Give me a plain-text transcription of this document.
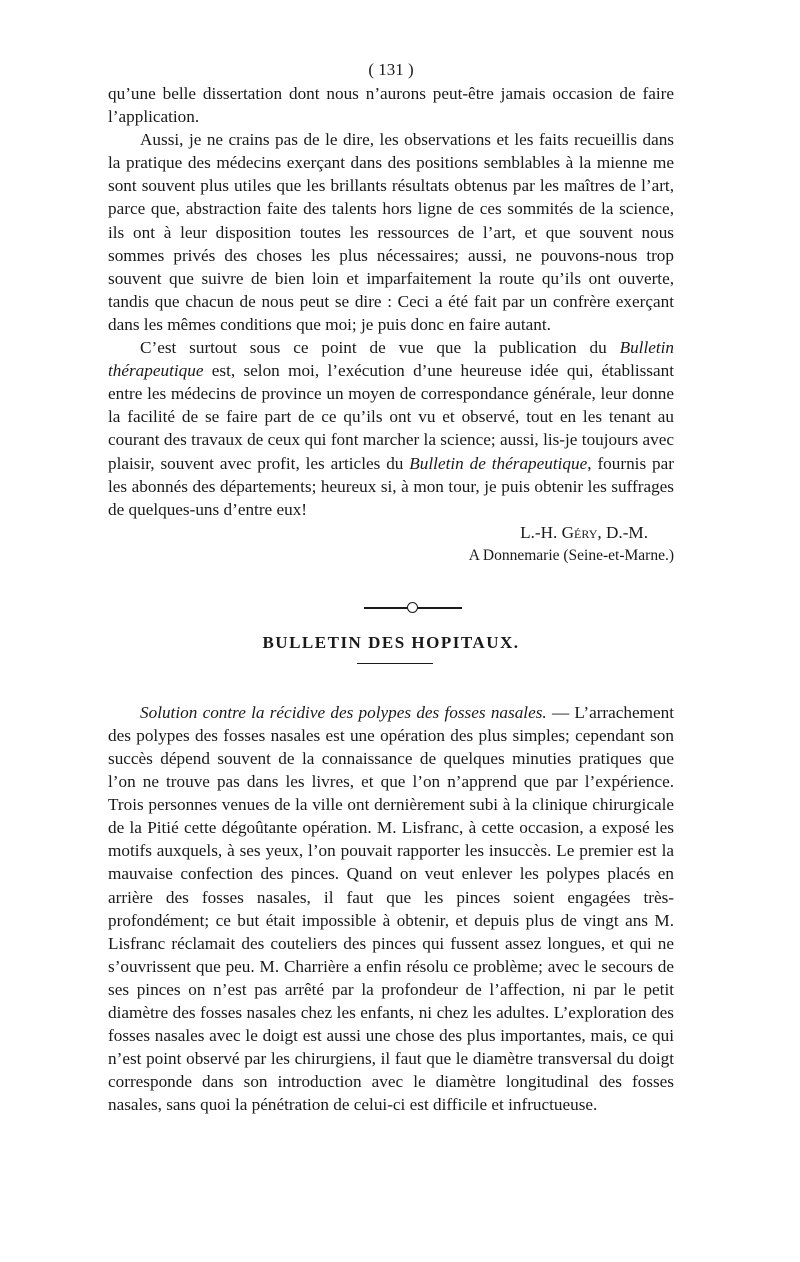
( 131 )

qu’une belle dissertation dont nous n’aurons peut-être jamais occasion de faire l’application.

Aussi, je ne crains pas de le dire, les observations et les faits recueillis dans la pratique des médecins exerçant dans des positions semblables à la mienne me sont souvent plus utiles que les brillants résultats obtenus par les maîtres de l’art, parce que, abstraction faite des talents hors ligne de ces sommités de la science, ils ont à leur disposition toutes les ressources de l’art, et que souvent nous sommes privés des choses les plus nécessaires; aussi, ne pouvons-nous trop souvent que suivre de bien loin et imparfaitement la route qu’ils ont ouverte, tandis que chacun de nous peut se dire : Ceci a été fait par un confrère exerçant dans les mêmes conditions que moi; je puis donc en faire autant.

C’est surtout sous ce point de vue que la publication du Bulletin thérapeutique est, selon moi, l’exécution d’une heureuse idée qui, établissant entre les médecins de province un moyen de correspondance générale, leur donne la facilité de se faire part de ce qu’ils ont vu et observé, tout en les tenant au courant des travaux de ceux qui font marcher la science; aussi, lis-je toujours avec plaisir, souvent avec profit, les articles du Bulletin de thérapeutique, fournis par les abonnés des départements; heureux si, à mon tour, je puis obtenir les suffrages de quelques-uns d’entre eux!

L.-H. Géry, D.-M.
A Donnemarie (Seine-et-Marne.)
BULLETIN DES HOPITAUX.

Solution contre la récidive des polypes des fosses nasales. — L’arrachement des polypes des fosses nasales est une opération des plus simples; cependant son succès dépend souvent de la connaissance de quelques minuties pratiques que l’on ne trouve pas dans les livres, et que l’on n’apprend que par l’expérience. Trois personnes venues de la ville ont dernièrement subi à la clinique chirurgicale de la Pitié cette dégoûtante opération. M. Lisfranc, à cette occasion, a exposé les motifs auxquels, à ses yeux, l’on pouvait rapporter les insuccès. Le premier est la mauvaise confection des pinces. Quand on veut enlever les polypes placés en arrière des fosses nasales, il faut que les pinces soient engagées très-profondément; ce but était impossible à obtenir, et depuis plus de vingt ans M. Lisfranc réclamait des couteliers des pinces qui fussent assez longues, et qui ne s’ouvrissent que peu. M. Charrière a enfin résolu ce problème; avec le secours de ses pinces on n’est pas arrêté par la profondeur de l’affection, ni par le petit diamètre des fosses nasales chez les enfants, ni chez les adultes. L’exploration des fosses nasales avec le doigt est aussi une chose des plus importantes, mais, ce qui n’est point observé par les chirurgiens, il faut que le diamètre transversal du doigt corresponde dans son introduction avec le diamètre longitudinal des fosses nasales, sans quoi la pénétration de celui-ci est difficile et infructueuse.
